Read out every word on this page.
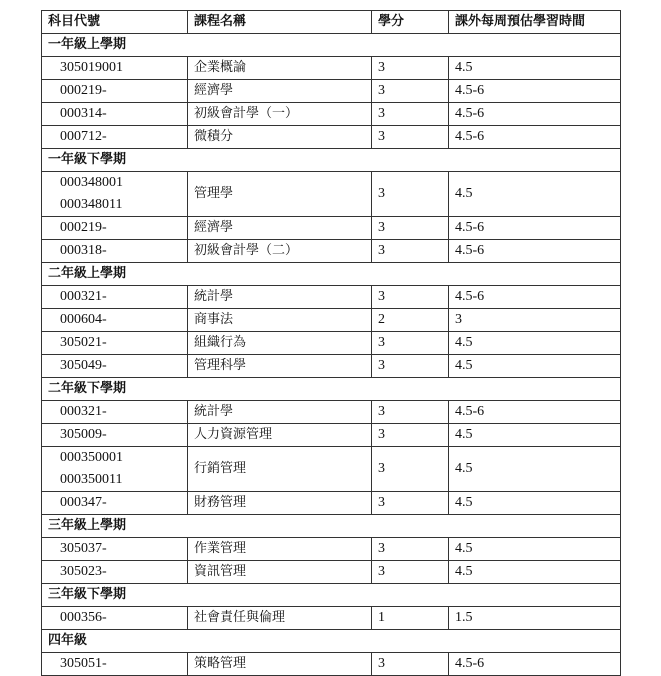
科目代號	課程名稱	學分	課外每周預估學習時間
一年級上學期			

305019001	企業概論	3	4.5

000219-	經濟學	3	4.5-6

000314-	初級會計學（一）	3	4.5-6

000712-	微積分	3	4.5-6
一年級下學期			

000348001
000348011	管理學	3	4.5

000219-	經濟學	3	4.5-6

000318-	初級會計學（二）	3	4.5-6
二年級上學期			

000321-	統計學	3	4.5-6

000604-	商事法	2	3

305021-	組織行為	3	4.5

305049-	管理科學	3	4.5
二年級下學期			

000321-	統計學	3	4.5-6

305009-	人力資源管理	3	4.5

000350001
000350011	行銷管理	3	4.5

000347-	財務管理	3	4.5
三年級上學期			

305037-	作業管理	3	4.5

305023-	資訊管理	3	4.5
三年級下學期			

000356-	社會責任與倫理	1	1.5
四年級			

305051-	策略管理	3	4.5-6
